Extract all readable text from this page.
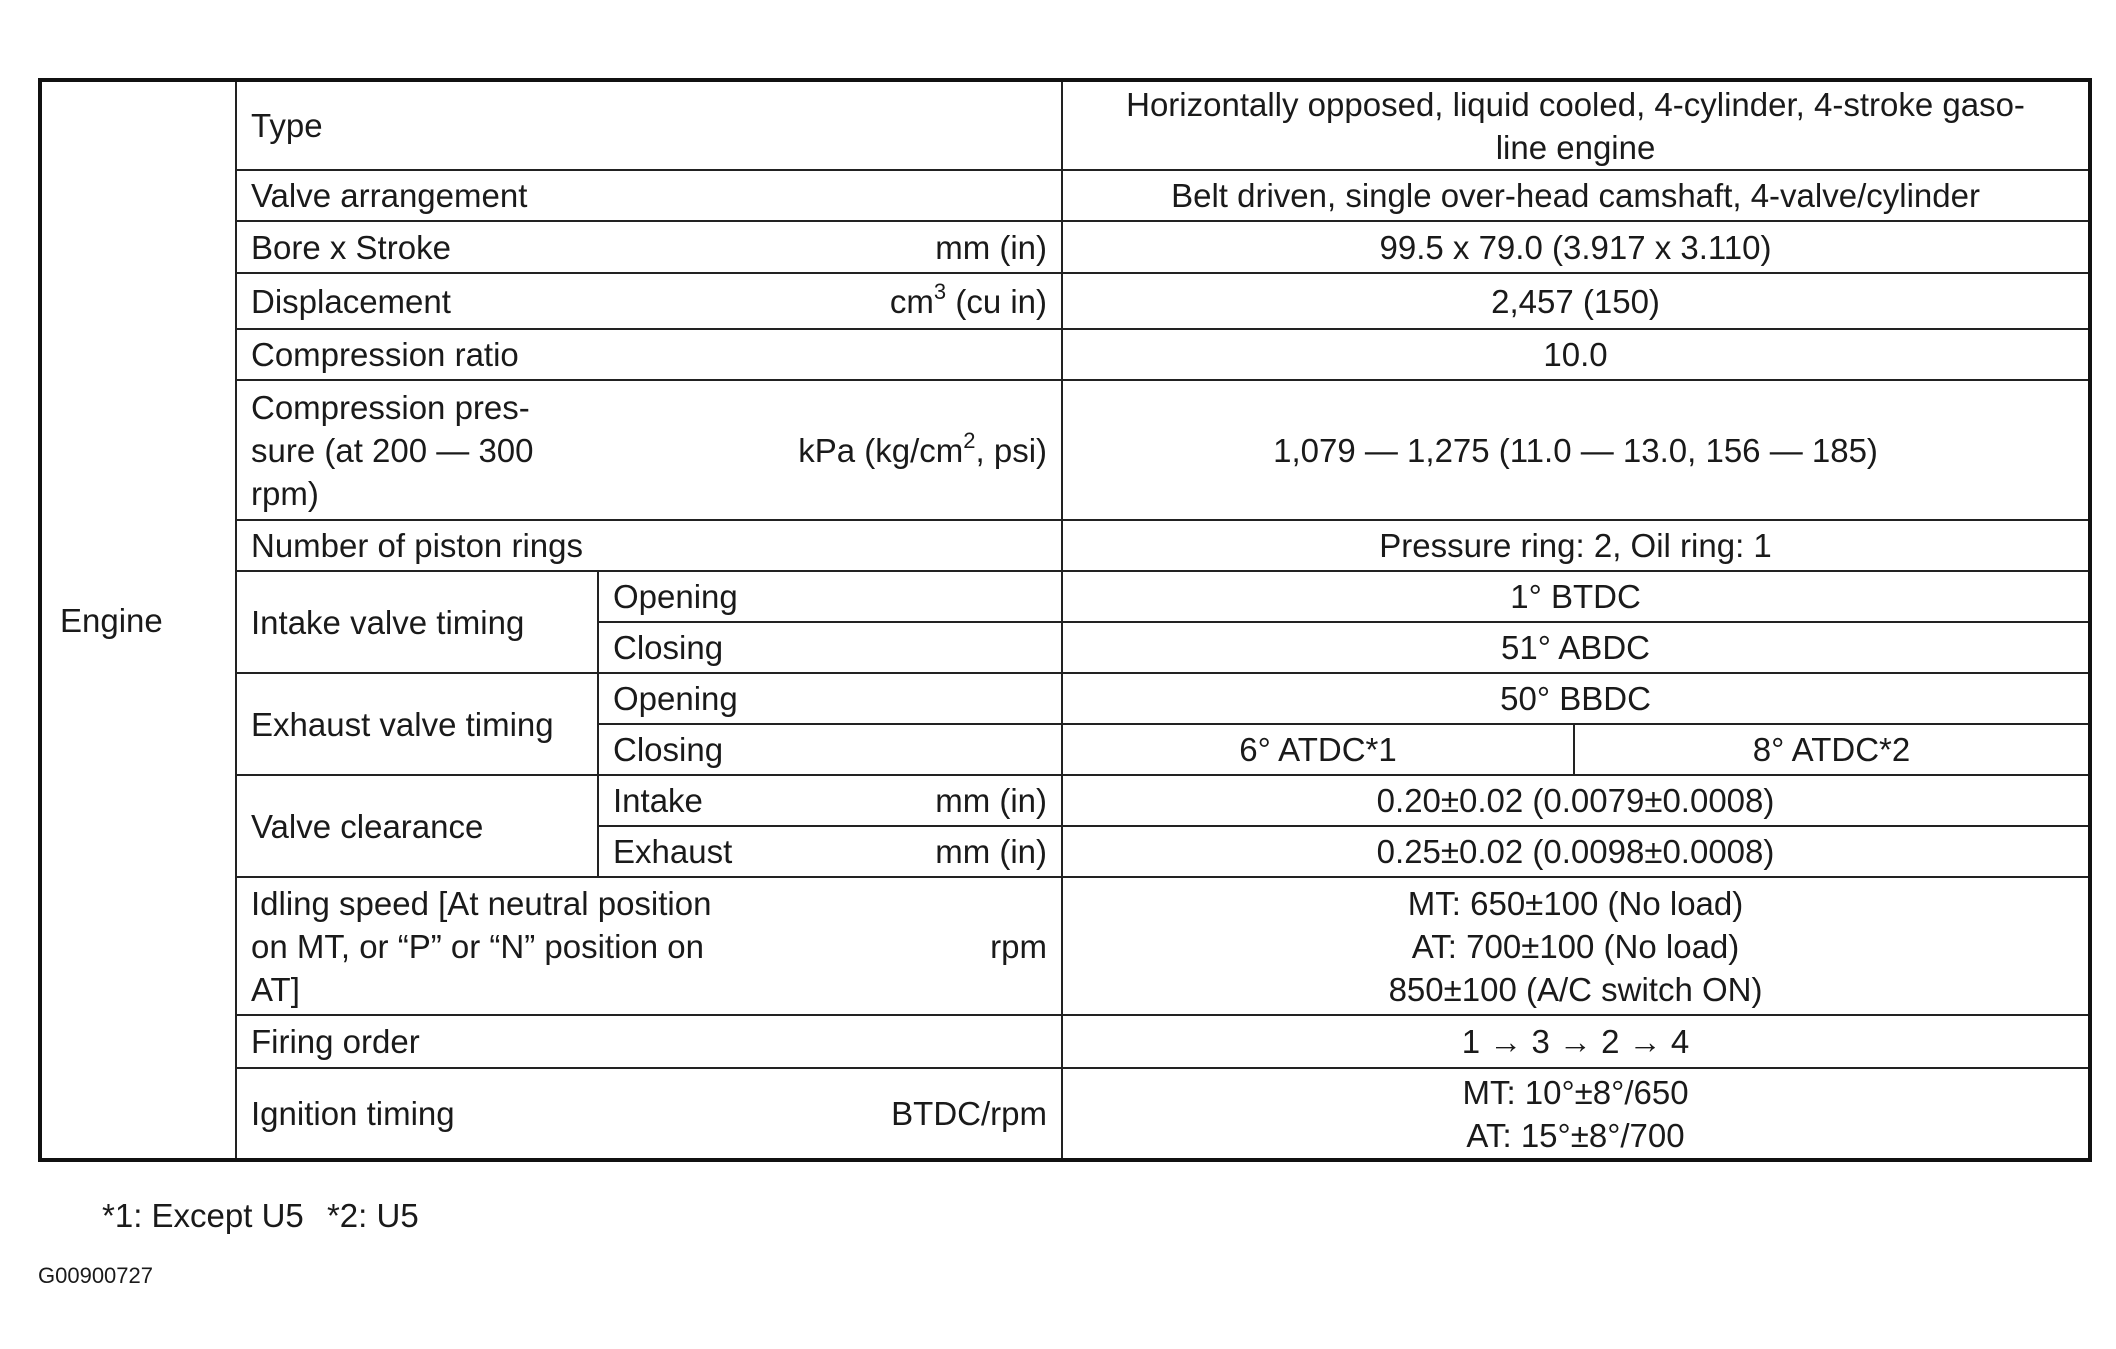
Engine	Type		Horizontally opposed, liquid cooled, 4-cylinder, 4-stroke gaso-
line engine	
	Valve arrangement		Belt driven, single over-head camshaft, 4-valve/cylinder	

	Bore x Stroke mm (in)		99.5 x 79.0 (3.917 x 3.110)	

	Displacement $cm^3$ (cu in)		2,457 (150)	
	Compression ratio		10.0	

	Compression pres-
sure (at 200 — 300
rpm)
kPa ($kg/cm^2$, psi)		1,079 — 1,275 (11.0 — 13.0, 156 — 185)	
	Number of piston rings		Pressure ring: 2, Oil ring: 1	
	Intake valve timing	Opening	1° BTDC	
		Closing	51° ABDC	
	Exhaust valve timing	Opening	50° BBDC	
		Closing	6° ATDC*1	8° ATDC*2
	Valve clearance	Intake mm (in)	0.20±0.02 (0.0079±0.0008)	

		Exhaust mm (in)	0.25±0.02 (0.0098±0.0008)	

	Idling speed [At neutral position
on MT, or “P” or “N” position on
AT]
rpm		MT: 650±100 (No load)
AT: 700±100 (No load)
850±100 (A/C switch ON)	
	Firing order		1 → 3 → 2 → 4	

	Ignition timing BTDC/rpm		MT: 10°±8°/650
AT: 15°±8°/700	
*1: Except U5 *2: U5
G00900727
